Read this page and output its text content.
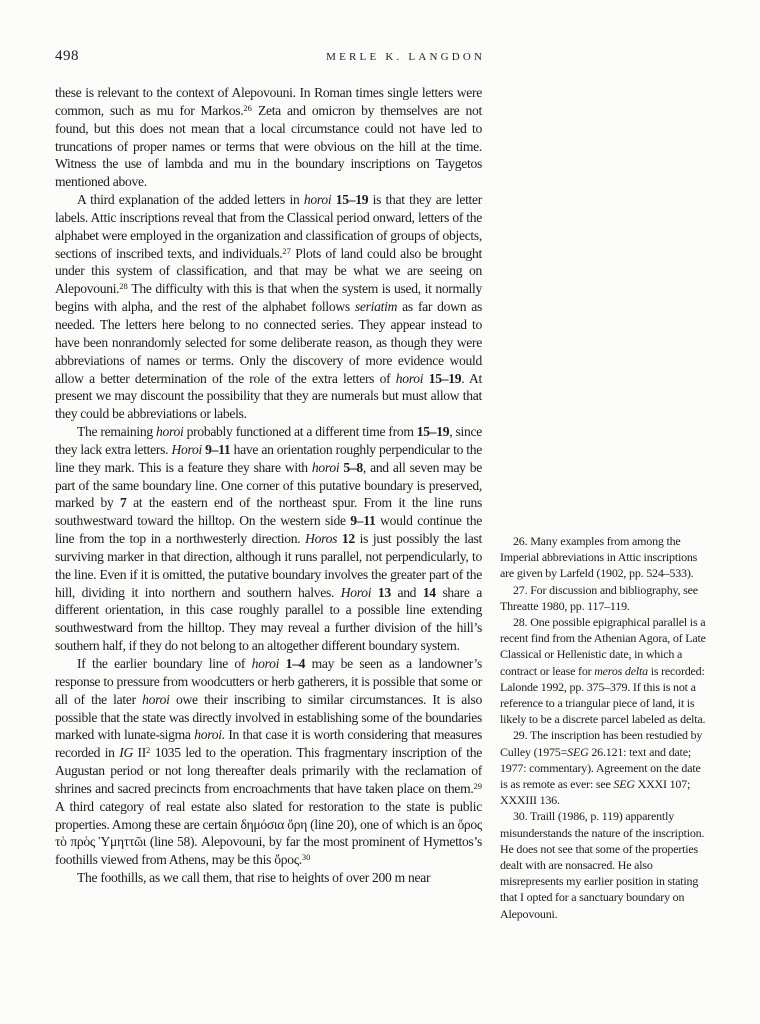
498	MERLE K. LANGDON

these is relevant to the context of Alepovouni. In Roman times single letters were common, such as mu for Markos.$^{26}$ Zeta and omicron by themselves are not found, but this does not mean that a local circumstance could not have led to truncations of proper names or terms that were obvious on the hill at the time. Witness the use of lambda and mu in the boundary inscriptions on Taygetos mentioned above.

A third explanation of the added letters in horoi 15–19 is that they are letter labels. Attic inscriptions reveal that from the Classical period onward, letters of the alphabet were employed in the organization and classification of groups of objects, sections of inscribed texts, and individuals.$^{27}$ Plots of land could also be brought under this system of classification, and that may be what we are seeing on Alepovouni.$^{28}$ The difficulty with this is that when the system is used, it normally begins with alpha, and the rest of the alphabet follows seriatim as far down as needed. The letters here belong to no connected series. They appear instead to have been nonrandomly selected for some deliberate reason, as though they were abbreviations of names or terms. Only the discovery of more evidence would allow a better determination of the role of the extra letters of horoi 15–19. At present we may discount the possibility that they are numerals but must allow that they could be abbreviations or labels.

The remaining horoi probably functioned at a different time from 15–19, since they lack extra letters. Horoi 9–11 have an orientation roughly perpendicular to the line they mark. This is a feature they share with horoi 5–8, and all seven may be part of the same boundary line. One corner of this putative boundary is preserved, marked by 7 at the eastern end of the northeast spur. From it the line runs southwestward toward the hilltop. On the western side 9–11 would continue the line from the top in a northwesterly direction. Horos 12 is just possibly the last surviving marker in that direction, although it runs parallel, not perpendicularly, to the line. Even if it is omitted, the putative boundary involves the greater part of the hill, dividing it into northern and southern halves. Horoi 13 and 14 share a different orientation, in this case roughly parallel to a possible line extending southwestward from the hilltop. They may reveal a further division of the hill’s southern half, if they do not belong to an altogether different boundary system.

If the earlier boundary line of horoi 1–4 may be seen as a landowner’s response to pressure from woodcutters or herb gatherers, it is possible that some or all of the later horoi owe their inscribing to similar circumstances. It is also possible that the state was directly involved in establishing some of the boundaries marked with lunate-sigma horoi. In that case it is worth considering that measures recorded in IG $II^2$ 1035 led to the operation. This fragmentary inscription of the Augustan period or not long thereafter deals primarily with the reclamation of shrines and sacred precincts from encroachments that have taken place on them.$^{29}$ A third category of real estate also slated for restoration to the state is public properties. Among these are certain δημόσια ὄρη (line 20), one of which is an ὄρος τὸ πρὸς Ὑμηττῶι (line 58). Alepovouni, by far the most prominent of Hymettos’s foothills viewed from Athens, may be this ὄρος.$^{30}$

The foothills, as we call them, that rise to heights of over 200 m near

26. Many examples from among the Imperial abbreviations in Attic inscriptions are given by Larfeld (1902, pp. 524–533).

27. For discussion and bibliography, see Threatte 1980, pp. 117–119.

28. One possible epigraphical parallel is a recent find from the Athenian Agora, of Late Classical or Hellenistic date, in which a contract or lease for meros delta is recorded: Lalonde 1992, pp. 375–379. If this is not a reference to a triangular piece of land, it is likely to be a discrete parcel labeled as delta.

29. The inscription has been restudied by Culley (1975=SEG 26.121: text and date; 1977: commentary). Agreement on the date is as remote as ever: see SEG XXXI 107; XXXIII 136.

30. Traill (1986, p. 119) apparently misunderstands the nature of the inscription. He does not see that some of the properties dealt with are nonsacred. He also misrepresents my earlier position in stating that I opted for a sanctuary boundary on Alepovouni.
